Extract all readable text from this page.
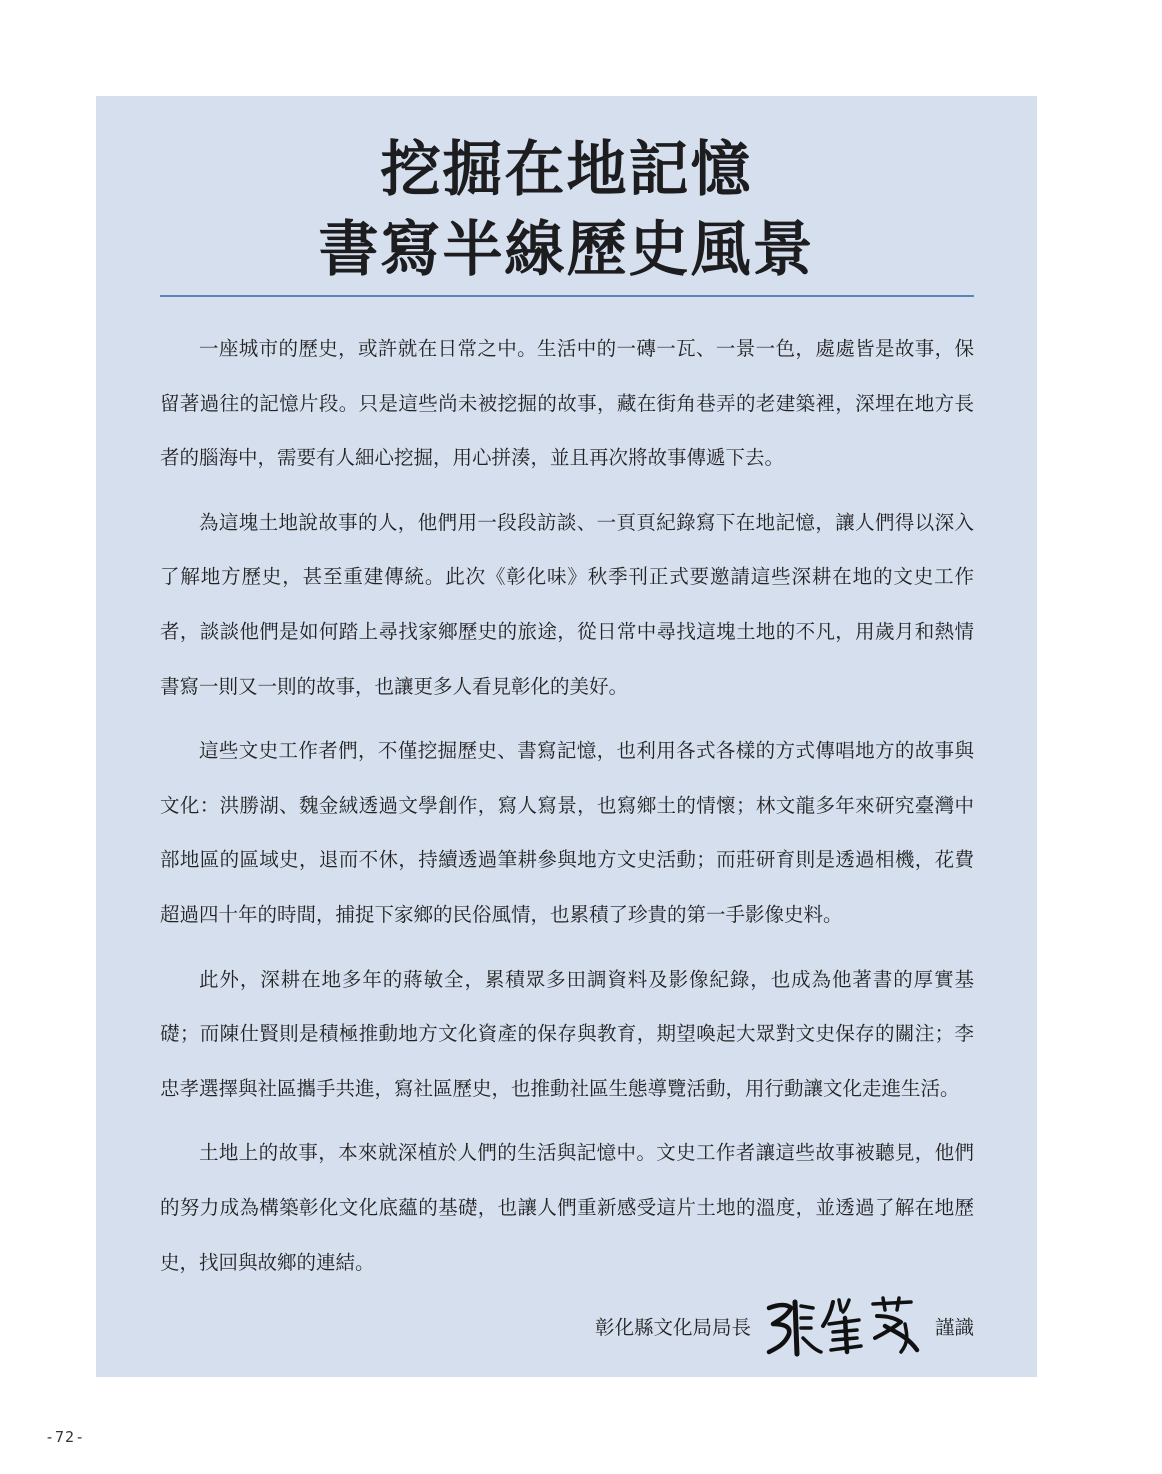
挖掘在地記憶
書寫半線歷史風景

一座城市的歷史，或許就在日常之中。生活中的一磚一瓦、一景一色，處處皆是故事，保留著過往的記憶片段。只是這些尚未被挖掘的故事，藏在街角巷弄的老建築裡，深埋在地方長者的腦海中，需要有人細心挖掘，用心拼湊，並且再次將故事傳遞下去。

為這塊土地說故事的人，他們用一段段訪談、一頁頁紀錄寫下在地記憶，讓人們得以深入了解地方歷史，甚至重建傳統。此次《彰化味》秋季刊正式要邀請這些深耕在地的文史工作者，談談他們是如何踏上尋找家鄉歷史的旅途，從日常中尋找這塊土地的不凡，用歲月和熱情書寫一則又一則的故事，也讓更多人看見彰化的美好。

這些文史工作者們，不僅挖掘歷史、書寫記憶，也利用各式各樣的方式傳唱地方的故事與文化：洪勝湖、魏金絨透過文學創作，寫人寫景，也寫鄉土的情懷；林文龍多年來研究臺灣中部地區的區域史，退而不休，持續透過筆耕參與地方文史活動；而莊研育則是透過相機，花費超過四十年的時間，捕捉下家鄉的民俗風情，也累積了珍貴的第一手影像史料。

此外，深耕在地多年的蔣敏全，累積眾多田調資料及影像紀錄，也成為他著書的厚實基礎；而陳仕賢則是積極推動地方文化資產的保存與教育，期望喚起大眾對文史保存的關注；李忠孝選擇與社區攜手共進，寫社區歷史，也推動社區生態導覽活動，用行動讓文化走進生活。

土地上的故事，本來就深植於人們的生活與記憶中。文史工作者讓這些故事被聽見，他們的努力成為構築彰化文化底蘊的基礎，也讓人們重新感受這片土地的溫度，並透過了解在地歷史，找回與故鄉的連結。

彰化縣文化局局長	謹識
-72-
